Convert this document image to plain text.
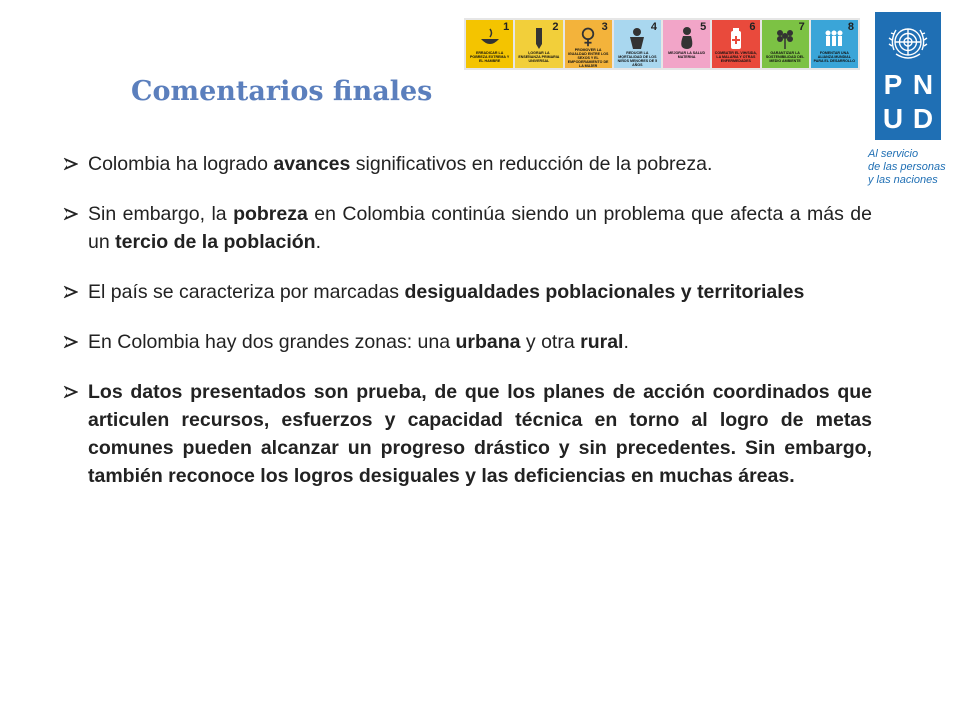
1
ERRADICAR LA POBREZA EXTREMA Y EL HAMBRE
2
LOGRAR LA ENSEÑANZA PRIMARIA UNIVERSAL
3
PROMOVER LA IGUALDAD ENTRE LOS SEXOS Y EL EMPODERAMIENTO DE LA MUJER
4
REDUCIR LA MORTALIDAD DE LOS NIÑOS MENORES DE 5 AÑOS
5
MEJORAR LA SALUD MATERNA
6
COMBATIR EL VIH/SIDA, LA MALARIA Y OTRAS ENFERMEDADES
7
GARANTIZAR LA SOSTENIBILIDAD DEL MEDIO AMBIENTE
8
FOMENTAR UNA ALIANZA MUNDIAL PARA EL DESARROLLO
P N
U D
Al servicio
de las personas
y las naciones
Comentarios finales
Colombia ha logrado avances significativos en reducción de la pobreza.
Sin embargo, la pobreza en Colombia continúa siendo un problema que afecta a más de un tercio de la población.
El país se caracteriza por marcadas desigualdades poblacionales y territoriales
En Colombia hay dos grandes zonas: una urbana y otra rural.
Los datos presentados son prueba, de que los planes de acción coordinados que articulen recursos, esfuerzos y capacidad técnica en torno al logro de metas comunes pueden alcanzar un progreso drástico y sin precedentes. Sin embargo, también reconoce los logros desiguales y las deficiencias en muchas áreas.
